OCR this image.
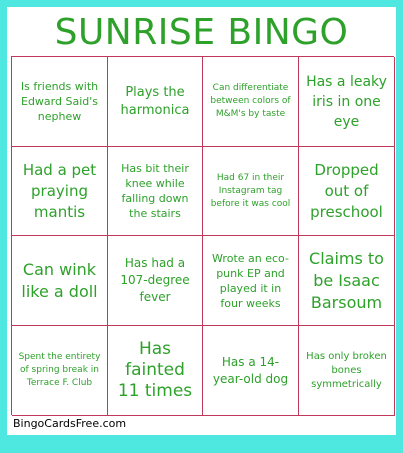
SUNRISE BINGO
Is friends with Edward Said's nephew
Plays the harmonica
Can differentiate between colors of M&M's by taste
Has a leaky iris in one eye
Had a pet praying mantis
Has bit their knee while falling down the stairs
Had 67 in their Instagram tag before it was cool
Dropped out of preschool
Can wink like a doll
Has had a 107-degree fever
Wrote an eco-punk EP and played it in four weeks
Claims to be Isaac Barsoum
Spent the entirety of spring break in Terrace F. Club
Has fainted 11 times
Has a 14-year-old dog
Has only broken bones symmetrically
BingoCardsFree.com
